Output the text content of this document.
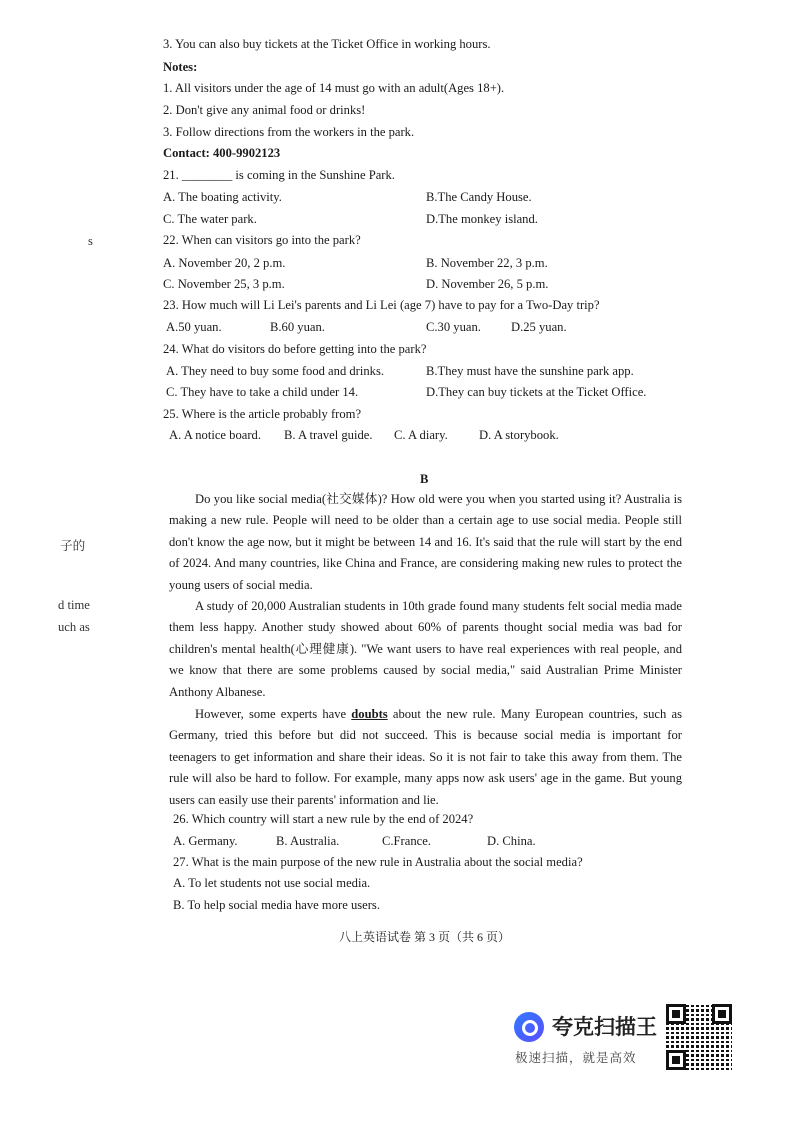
3. You can also buy tickets at the Ticket Office in working hours.
Notes:
1. All visitors under the age of 14 must go with an adult(Ages 18+).
2. Don't give any animal food or drinks!
3. Follow directions from the workers in the park.
Contact: 400-9902123
21. ________ is coming in the Sunshine Park.
A. The boating activity.	B.The Candy House.
C. The water park.	D.The monkey island.
22. When can visitors go into the park?
A. November 20, 2 p.m.	B. November 22, 3 p.m.
C. November 25, 3 p.m.	D. November 26, 5 p.m.
23. How much will Li Lei's parents and Li Lei (age 7) have to pay for a Two-Day trip?
A.50 yuan.	B.60 yuan.	C.30 yuan. D.25 yuan.
24. What do visitors do before getting into the park?
A. They need to buy some food and drinks.	B.They must have the sunshine park app.
C. They have to take a child under 14.	D.They can buy tickets at the Ticket Office.
25. Where is the article probably from?
A. A notice board. B. A travel guide. C. A diary. D. A storybook.
B

Do you like social media(社交媒体)? How old were you when you started using it? Australia is making a new rule. People will need to be older than a certain age to use social media. People still don't know the age now, but it might be between 14 and 16. It's said that the rule will start by the end of 2024. And many countries, like China and France, are considering making new rules to protect the young users of social media.

A study of 20,000 Australian students in 10th grade found many students felt social media made them less happy. Another study showed about 60% of parents thought social media was bad for children's mental health(心理健康). "We want users to have real experiences with real people, and we know that there are some problems caused by social media," said Australian Prime Minister Anthony Albanese.

However, some experts have doubts about the new rule. Many European countries, such as Germany, tried this before but did not succeed. This is because social media is important for teenagers to get information and share their ideas. So it is not fair to take this away from them. The rule will also be hard to follow. For example, many apps now ask users' age in the game. But young users can easily use their parents' information and lie.

26. Which country will start a new rule by the end of 2024?
A. Germany.	B. Australia.	C.France.	D. China.
27. What is the main purpose of the new rule in Australia about the social media?
A. To let students not use social media.
B. To help social media have more users.
八上英语试卷 第 3 页（共 6 页）
s
子的
d time
uch as
夸克扫描王
极速扫描，就是高效
